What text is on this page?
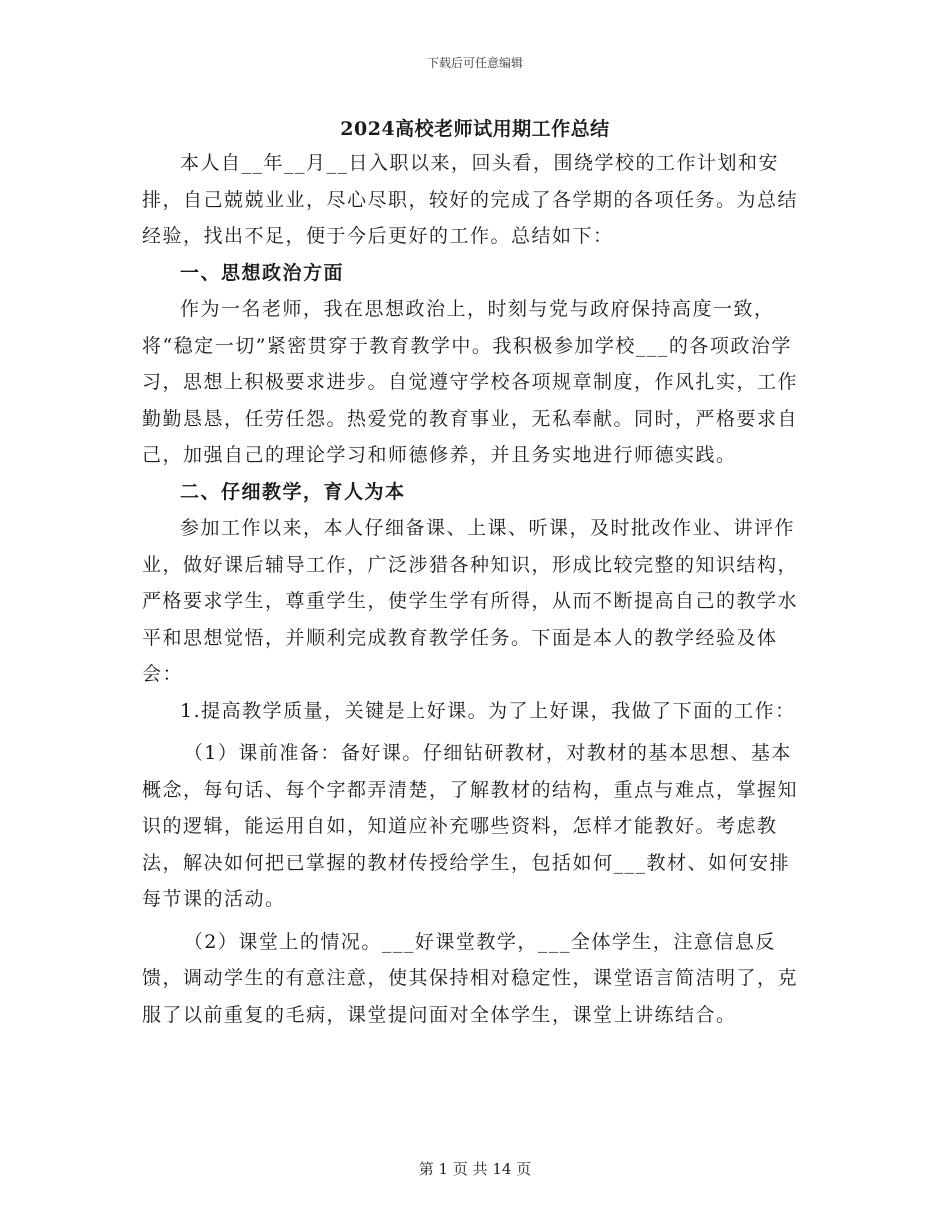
下载后可任意编辑
2024高校老师试用期工作总结

本人自__年__月__日入职以来，回头看，围绕学校的工作计划和安排，自己兢兢业业，尽心尽职，较好的完成了各学期的各项任务。为总结经验，找出不足，便于今后更好的工作。总结如下：

一、思想政治方面

作为一名老师，我在思想政治上，时刻与党与政府保持高度一致，将“稳定一切”紧密贯穿于教育教学中。我积极参加学校___的各项政治学习，思想上积极要求进步。自觉遵守学校各项规章制度，作风扎实，工作勤勤恳恳，任劳任怨。热爱党的教育事业，无私奉献。同时，严格要求自己，加强自己的理论学习和师德修养，并且务实地进行师德实践。

二、仔细教学，育人为本

参加工作以来，本人仔细备课、上课、听课，及时批改作业、讲评作业，做好课后辅导工作，广泛涉猎各种知识，形成比较完整的知识结构，严格要求学生，尊重学生，使学生学有所得，从而不断提高自己的教学水平和思想觉悟，并顺利完成教育教学任务。下面是本人的教学经验及体会：

1.提高教学质量，关键是上好课。为了上好课，我做了下面的工作：

（1）课前准备：备好课。仔细钻研教材，对教材的基本思想、基本概念，每句话、每个字都弄清楚，了解教材的结构，重点与难点，掌握知识的逻辑，能运用自如，知道应补充哪些资料，怎样才能教好。考虑教法，解决如何把已掌握的教材传授给学生，包括如何___教材、如何安排每节课的活动。

（2）课堂上的情况。___好课堂教学，___全体学生，注意信息反馈，调动学生的有意注意，使其保持相对稳定性，课堂语言简洁明了，克服了以前重复的毛病，课堂提问面对全体学生，课堂上讲练结合。

第 1 页 共 14 页
